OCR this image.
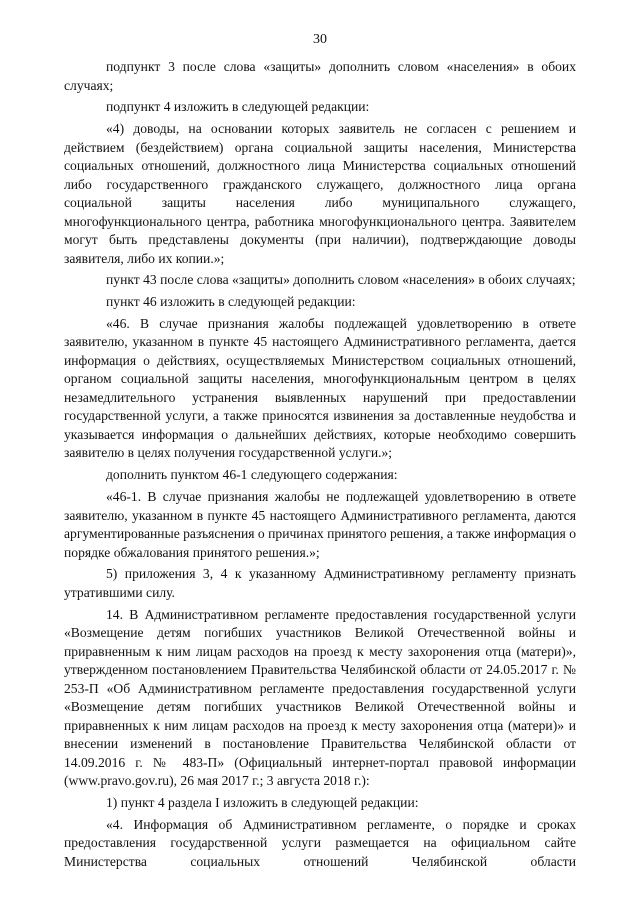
30

подпункт 3 после слова «защиты» дополнить словом «населения» в обоих случаях;

подпункт 4 изложить в следующей редакции:

«4) доводы, на основании которых заявитель не согласен с решением и действием (бездействием) органа социальной защиты населения, Министерства социальных отношений, должностного лица Министерства социальных отношений либо государственного гражданского служащего, должностного лица органа социальной защиты населения либо муниципального служащего, многофункционального центра, работника многофункционального центра. Заявителем могут быть представлены документы (при наличии), подтверждающие доводы заявителя, либо их копии.»;

пункт 43 после слова «защиты» дополнить словом «населения» в обоих случаях;

пункт 46 изложить в следующей редакции:

«46. В случае признания жалобы подлежащей удовлетворению в ответе заявителю, указанном в пункте 45 настоящего Административного регламента, дается информация о действиях, осуществляемых Министерством социальных отношений, органом социальной защиты населения, многофункциональным центром в целях незамедлительного устранения выявленных нарушений при предоставлении государственной услуги, а также приносятся извинения за доставленные неудобства и указывается информация о дальнейших действиях, которые необходимо совершить заявителю в целях получения государственной услуги.»;

дополнить пунктом 46-1 следующего содержания:

«46-1. В случае признания жалобы не подлежащей удовлетворению в ответе заявителю, указанном в пункте 45 настоящего Административного регламента, даются аргументированные разъяснения о причинах принятого решения, а также информация о порядке обжалования принятого решения.»;

5) приложения 3, 4 к указанному Административному регламенту признать утратившими силу.

14. В Административном регламенте предоставления государственной услуги «Возмещение детям погибших участников Великой Отечественной войны и приравненным к ним лицам расходов на проезд к месту захоронения отца (матери)», утвержденном постановлением Правительства Челябинской области от 24.05.2017 г. № 253-П «Об Административном регламенте предоставления государственной услуги «Возмещение детям погибших участников Великой Отечественной войны и приравненных к ним лицам расходов на проезд к месту захоронения отца (матери)» и внесении изменений в постановление Правительства Челябинской области от 14.09.2016 г. № 483-П» (Официальный интернет-портал правовой информации (www.pravo.gov.ru), 26 мая 2017 г.; 3 августа 2018 г.):

1) пункт 4 раздела I изложить в следующей редакции:

«4. Информация об Административном регламенте, о порядке и сроках предоставления государственной услуги размещается на официальном сайте Министерства социальных отношений Челябинской области
